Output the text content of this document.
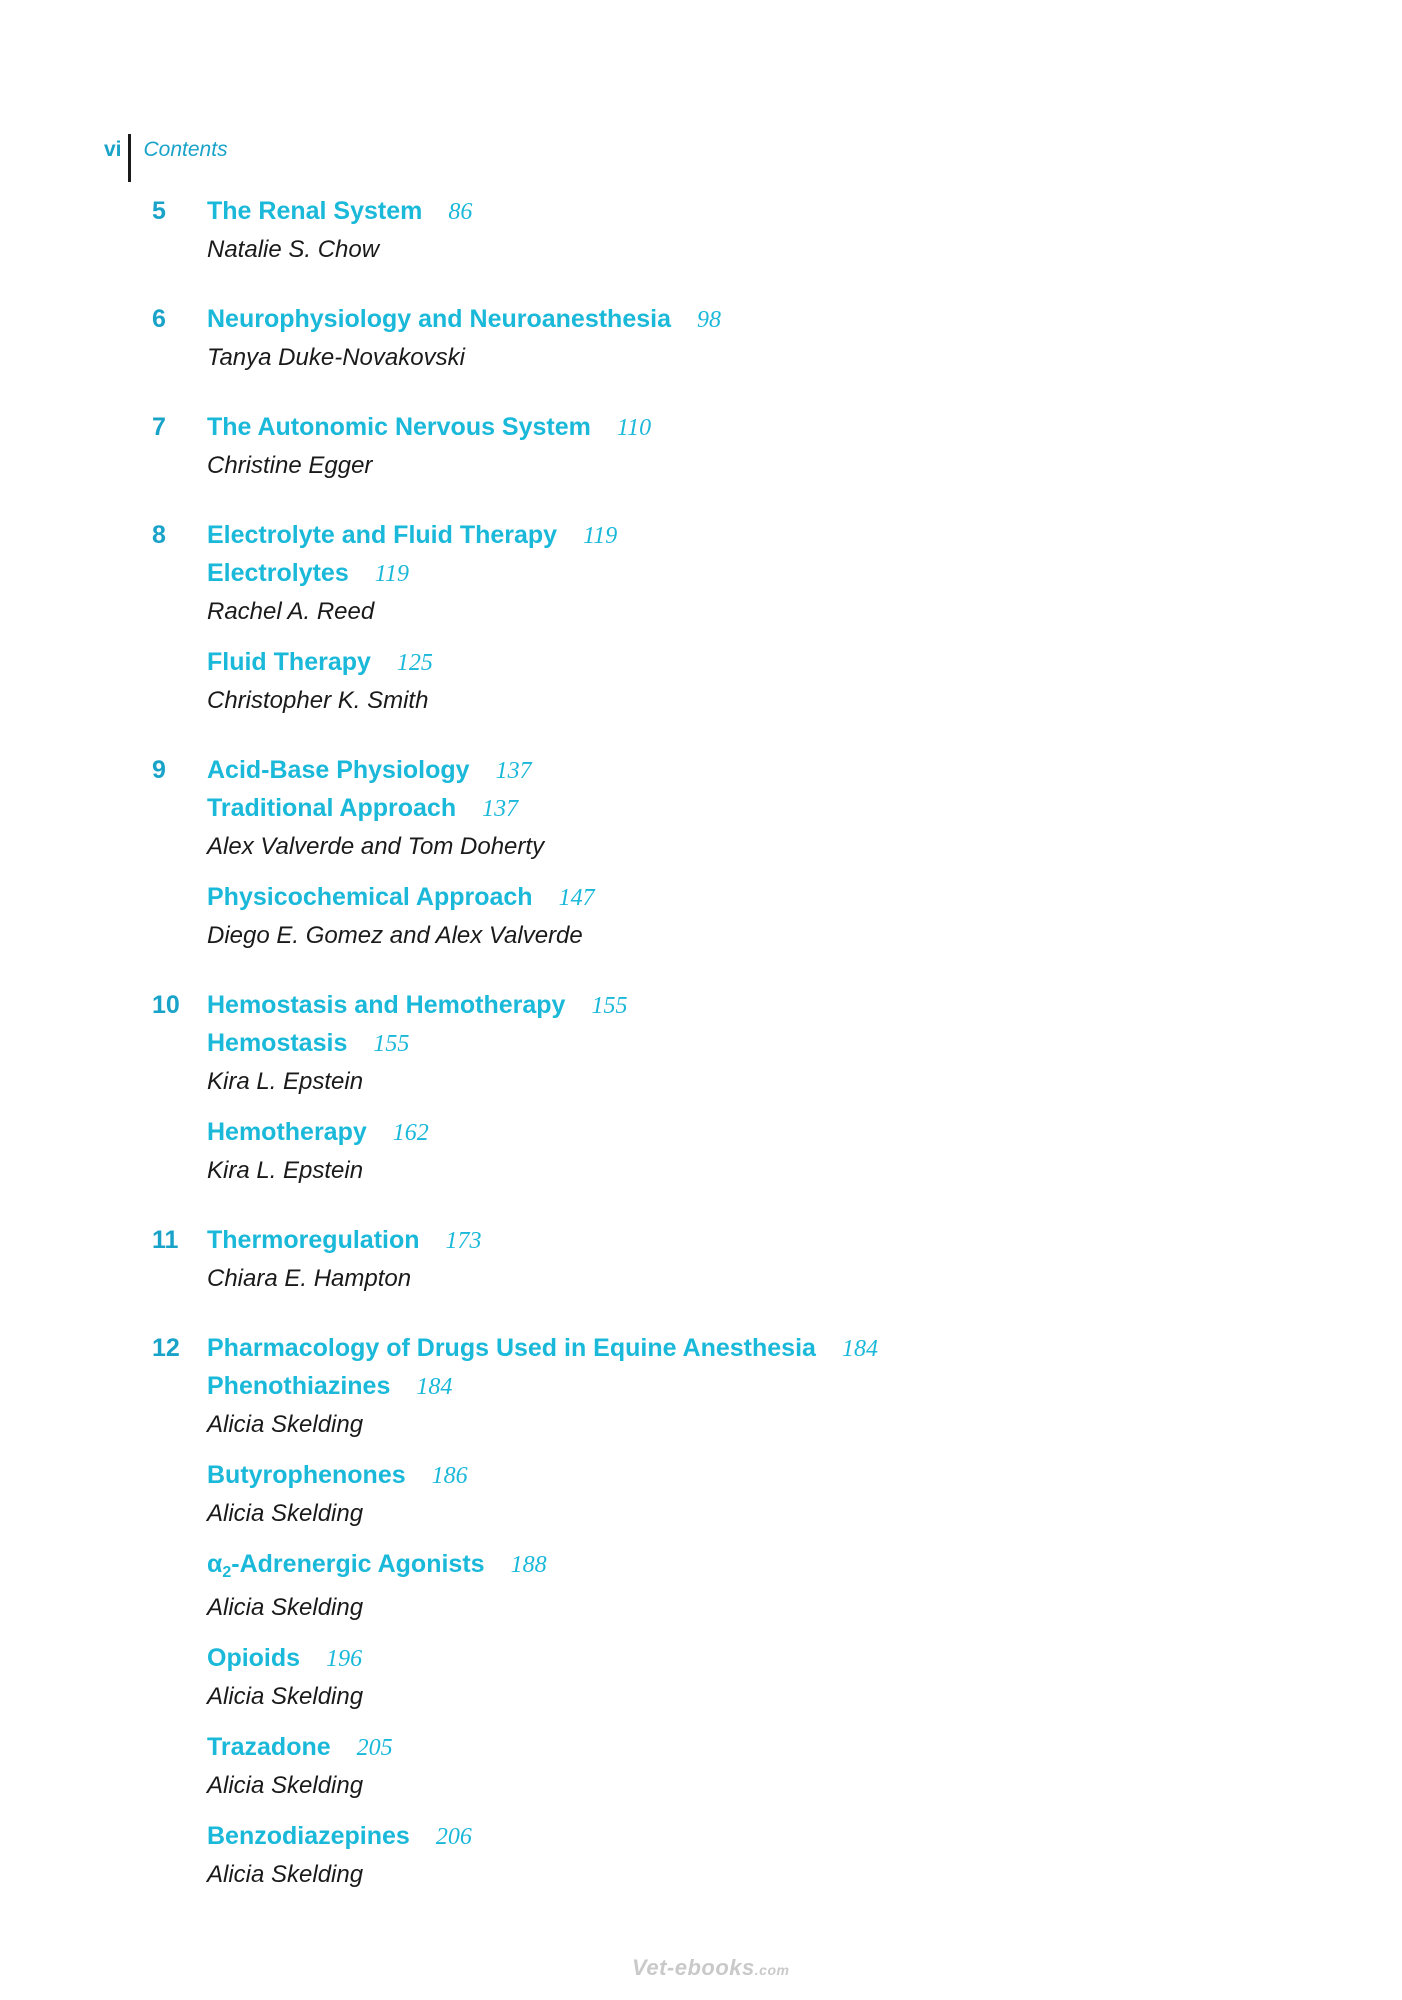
vi	Contents
5	The Renal System 86
Natalie S. Chow
6	Neurophysiology and Neuroanesthesia 98
Tanya Duke-Novakovski
7	The Autonomic Nervous System 110
Christine Egger
8	Electrolyte and Fluid Therapy 119
Electrolytes 119
Rachel A. Reed
Fluid Therapy 125
Christopher K. Smith
9	Acid-Base Physiology 137
Traditional Approach 137
Alex Valverde and Tom Doherty
Physicochemical Approach 147
Diego E. Gomez and Alex Valverde
10	Hemostasis and Hemotherapy 155
Hemostasis 155
Kira L. Epstein
Hemotherapy 162
Kira L. Epstein
11	Thermoregulation 173
Chiara E. Hampton
12	Pharmacology of Drugs Used in Equine Anesthesia 184
Phenothiazines 184
Alicia Skelding
Butyrophenones 186
Alicia Skelding
$\alpha_2$-Adrenergic Agonists 188
Alicia Skelding
Opioids 196
Alicia Skelding
Trazadone 205
Alicia Skelding
Benzodiazepines 206
Alicia Skelding
Vet-ebooks.com
